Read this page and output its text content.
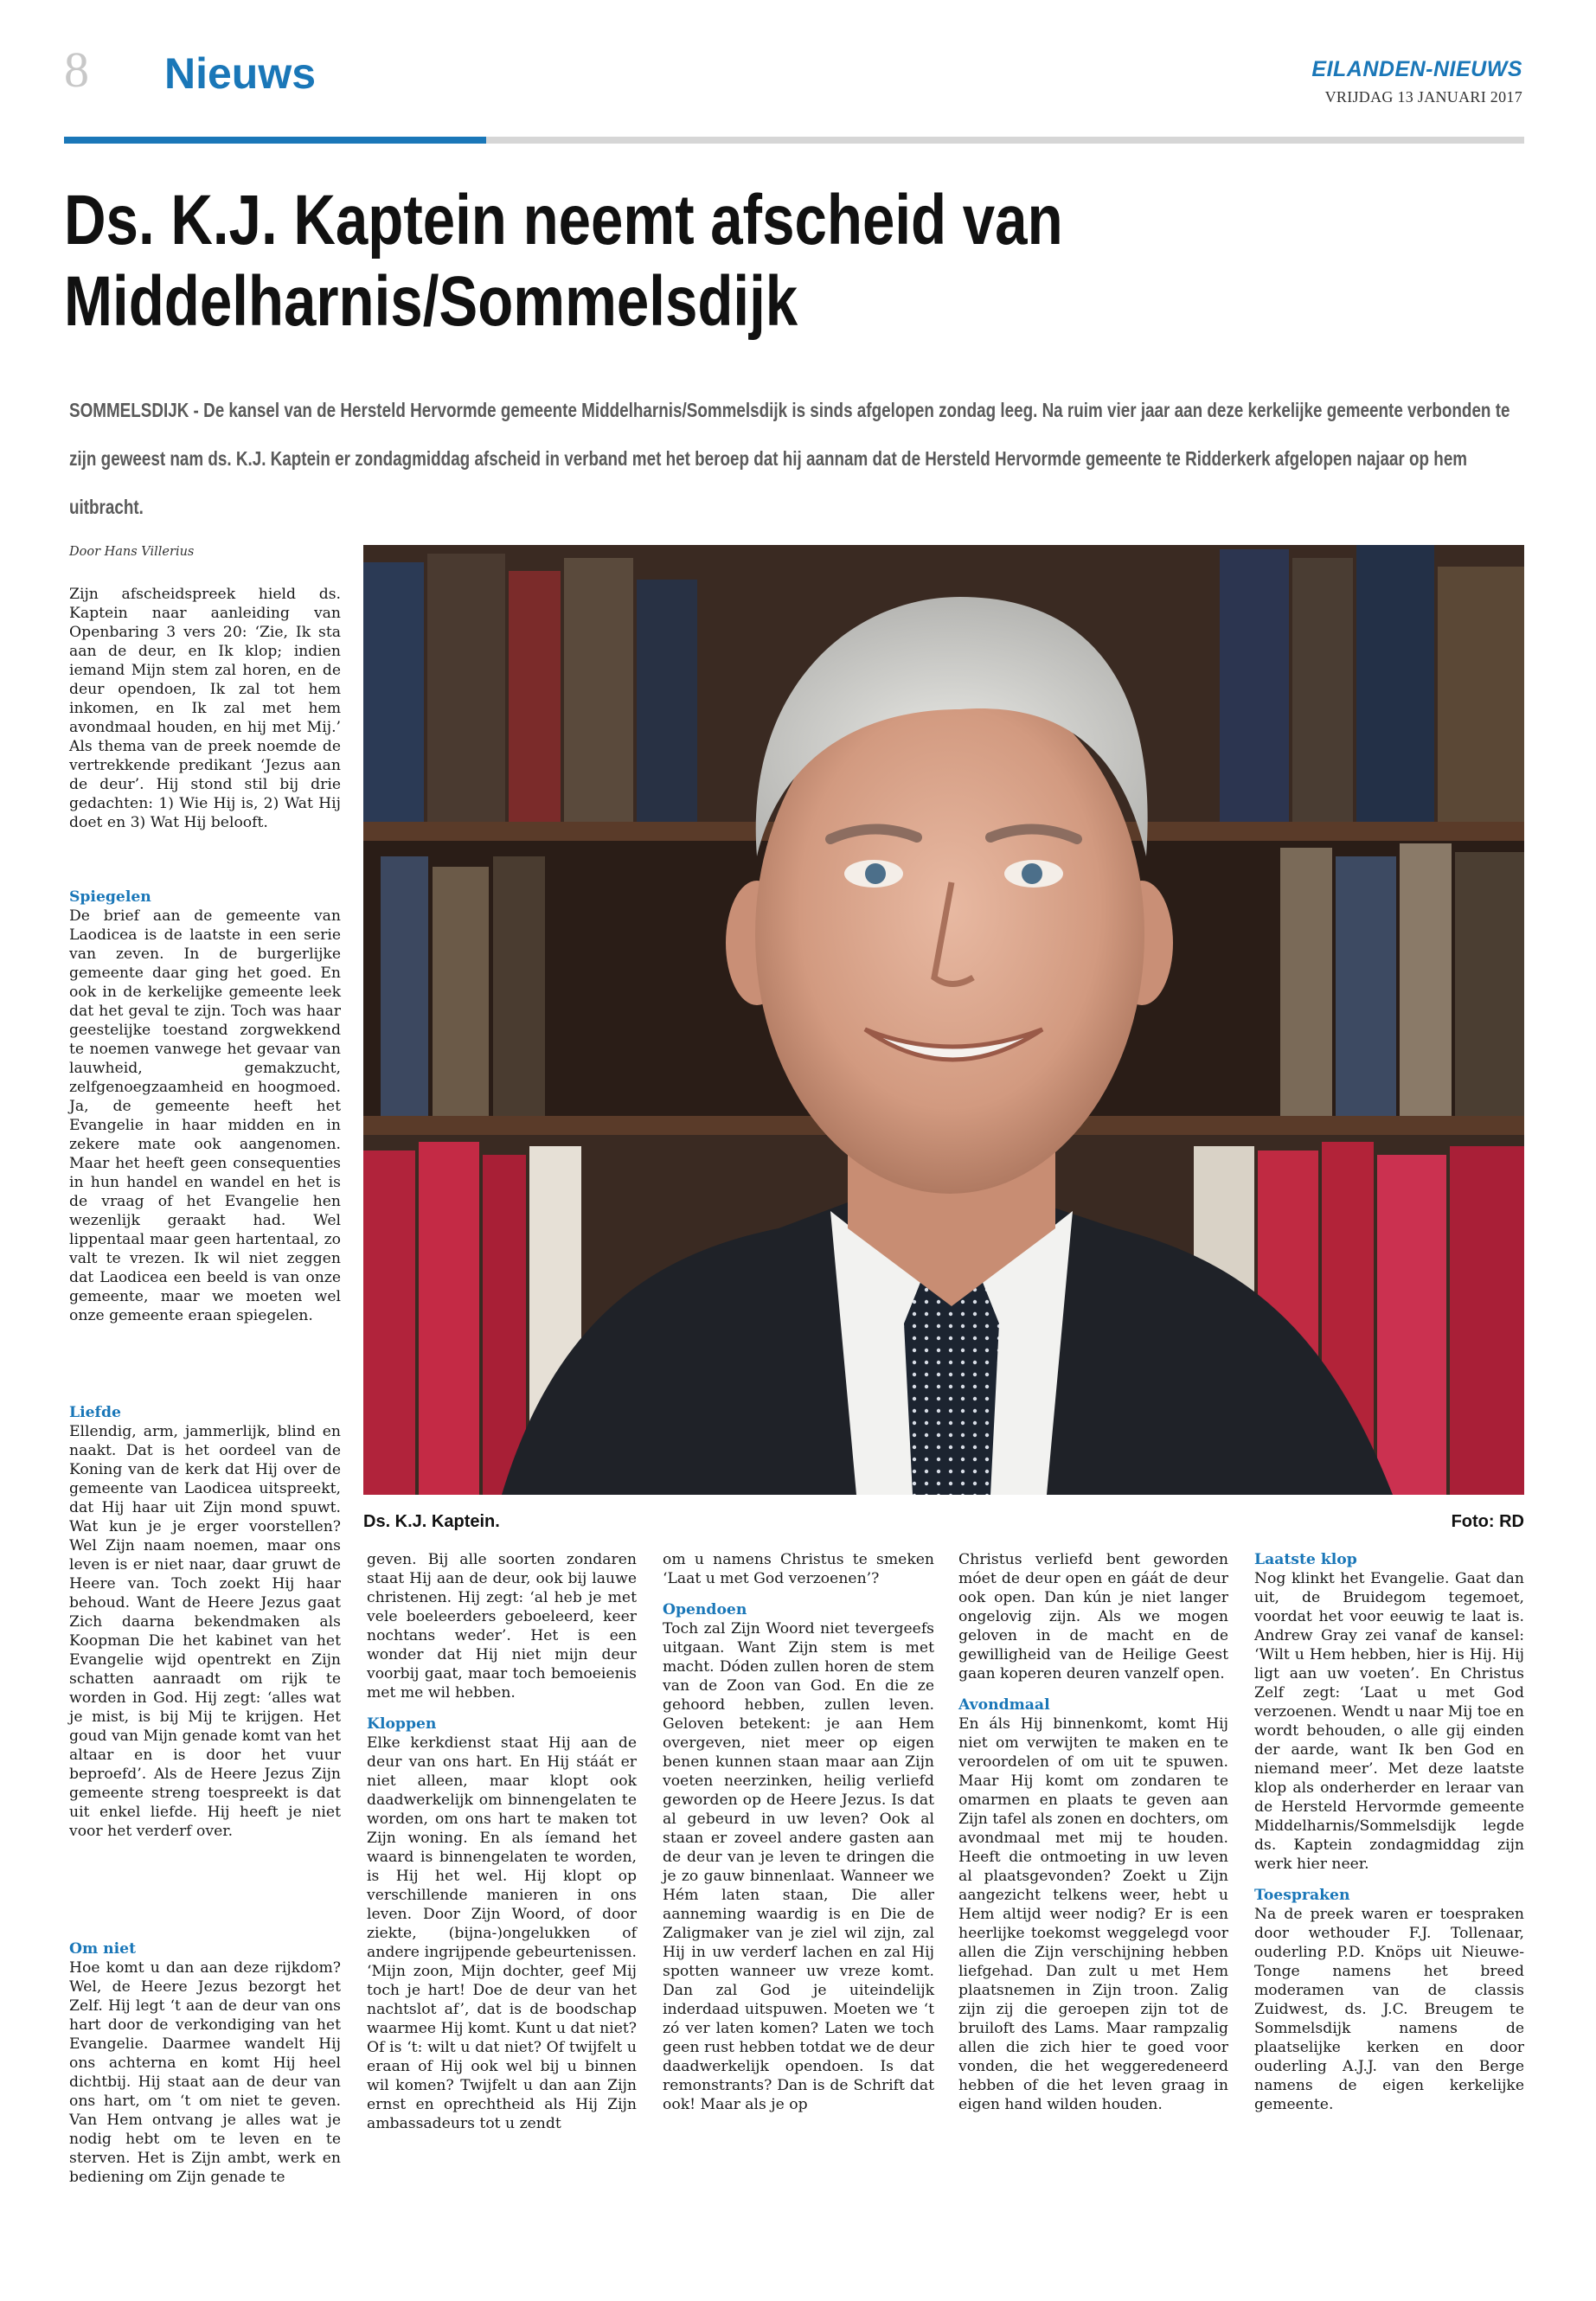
8 Nieuws	EILANDEN-NIEUWS
VRIJDAG 13 JANUARI 2017
Ds. K.J. Kaptein neemt afscheid van
Middelharnis/Sommelsdijk
SOMMELSDIJK - De kansel van de Hersteld Hervormde gemeente Middelharnis/Sommelsdijk is sinds afgelopen zondag leeg. Na ruim vier jaar aan deze kerkelijke gemeente verbonden te zijn geweest nam ds. K.J. Kaptein er zondagmiddag afscheid in verband met het beroep dat hij aannam dat de Hersteld Hervormde gemeente te Ridderkerk afgelopen najaar op hem uitbracht.
Door Hans Villerius

Zijn afscheidspreek hield ds. Kaptein naar aanleiding van Openbaring 3 vers 20: ‘Zie, Ik sta aan de deur, en Ik klop; indien iemand Mijn stem zal horen, en de deur opendoen, Ik zal tot hem inkomen, en Ik zal met hem avondmaal houden, en hij met Mij.’ Als thema van de preek noemde de vertrekkende predikant ‘Jezus aan de deur’. Hij stond stil bij drie gedachten: 1) Wie Hij is, 2) Wat Hij doet en 3) Wat Hij belooft.

Spiegelen

De brief aan de gemeente van Laodicea is de laatste in een serie van zeven. In de burgerlijke gemeente daar ging het goed. En ook in de kerkelijke gemeente leek dat het geval te zijn. Toch was haar geestelijke toestand zorgwekkend te noemen vanwege het gevaar van lauwheid, gemakzucht, zelfgenoegzaamheid en hoogmoed. Ja, de gemeente heeft het Evangelie in haar midden en in zekere mate ook aangenomen. Maar het heeft geen consequenties in hun handel en wandel en het is de vraag of het Evangelie hen wezenlijk geraakt had. Wel lippentaal maar geen hartentaal, zo valt te vrezen. Ik wil niet zeggen dat Laodicea een beeld is van onze gemeente, maar we moeten wel onze gemeente eraan spiegelen.

Liefde

Ellendig, arm, jammerlijk, blind en naakt. Dat is het oordeel van de Koning van de kerk dat Hij over de gemeente van Laodicea uitspreekt, dat Hij haar uit Zijn mond spuwt. Wat kun je je erger voorstellen? Wel Zijn naam noemen, maar ons leven is er niet naar, daar gruwt de Heere van. Toch zoekt Hij haar behoud. Want de Heere Jezus gaat Zich daarna bekendmaken als Koopman Die het kabinet van het Evangelie wijd opentrekt en Zijn schatten aanraadt om rijk te worden in God. Hij zegt: ‘alles wat je mist, is bij Mij te krijgen. Het goud van Mijn genade komt van het altaar en is door het vuur beproefd’. Als de Heere Jezus Zijn gemeente streng toespreekt is dat uit enkel liefde. Hij heeft je niet voor het verderf over.

Om niet

Hoe komt u dan aan deze rijkdom? Wel, de Heere Jezus bezorgt het Zelf. Hij legt ‘t aan de deur van ons hart door de verkondiging van het Evangelie. Daarmee wandelt Hij ons achterna en komt Hij heel dichtbij. Hij staat aan de deur van ons hart, om ‘t om niet te geven. Van Hem ontvang je alles wat je nodig hebt om te leven en te sterven. Het is Zijn ambt, werk en bediening om Zijn genade te

Ds. K.J. Kaptein.	Foto: RD

geven. Bij alle soorten zondaren staat Hij aan de deur, ook bij lauwe christenen. Hij zegt: ‘al heb je met vele boeleerders geboeleerd, keer nochtans weder’. Het is een wonder dat Hij niet mijn deur voorbij gaat, maar toch bemoeienis met me wil hebben.

Kloppen

Elke kerkdienst staat Hij aan de deur van ons hart. En Hij stáát er niet alleen, maar klopt ook daadwerkelijk om binnengelaten te worden, om ons hart te maken tot Zijn woning. En als íemand het waard is binnengelaten te worden, is Hij het wel. Hij klopt op verschillende manieren in ons leven. Door Zijn Woord, of door ziekte, (bijna-)ongelukken of andere ingrijpende gebeurtenissen. ‘Mijn zoon, Mijn dochter, geef Mij toch je hart! Doe de deur van het nachtslot af’, dat is de boodschap waarmee Hij komt. Kunt u dat niet? Of is ‘t: wilt u dat niet? Of twijfelt u eraan of Hij ook wel bij u binnen wil komen? Twijfelt u dan aan Zijn ernst en oprechtheid als Hij Zijn ambassadeurs tot u zendt

om u namens Christus te smeken ‘Laat u met God verzoenen’?

Opendoen

Toch zal Zijn Woord niet tevergeefs uitgaan. Want Zijn stem is met macht. Dóden zullen horen de stem van de Zoon van God. En die ze gehoord hebben, zullen leven. Geloven betekent: je aan Hem overgeven, niet meer op eigen benen kunnen staan maar aan Zijn voeten neerzinken, heilig verliefd geworden op de Heere Jezus. Is dat al gebeurd in uw leven? Ook al staan er zoveel andere gasten aan de deur van je leven te dringen die je zo gauw binnenlaat. Wanneer we Hém laten staan, Die aller aanneming waardig is en Die de Zaligmaker van je ziel wil zijn, zal Hij in uw verderf lachen en zal Hij spotten wanneer uw vreze komt. Dan zal God je uiteindelijk inderdaad uitspuwen. Moeten we ‘t zó ver laten komen? Laten we toch geen rust hebben totdat we de deur daadwerkelijk opendoen. Is dat remonstrants? Dan is de Schrift dat ook! Maar als je op

Christus verliefd bent geworden móet de deur open en gáát de deur ook open. Dan kún je niet langer ongelovig zijn. Als we mogen geloven in de macht en de gewilligheid van de Heilige Geest gaan koperen deuren vanzelf open.

Avondmaal

En áls Hij binnenkomt, komt Hij niet om verwijten te maken en te veroordelen of om uit te spuwen. Maar Hij komt om zondaren te omarmen en plaats te geven aan Zijn tafel als zonen en dochters, om avondmaal met mij te houden. Heeft die ontmoeting in uw leven al plaatsgevonden? Zoekt u Zijn aangezicht telkens weer, hebt u Hem altijd weer nodig? Er is een heerlijke toekomst weggelegd voor allen die Zijn verschijning hebben liefgehad. Dan zult u met Hem plaatsnemen in Zijn troon. Zalig zijn zij die geroepen zijn tot de bruiloft des Lams. Maar rampzalig allen die zich hier te goed voor vonden, die het weggeredeneerd hebben of die het leven graag in eigen hand wilden houden.

Laatste klop

Nog klinkt het Evangelie. Gaat dan uit, de Bruidegom tegemoet, voordat het voor eeuwig te laat is. Andrew Gray zei vanaf de kansel: ‘Wilt u Hem hebben, hier is Hij. Hij ligt aan uw voeten’. En Christus Zelf zegt: ‘Laat u met God verzoenen. Wendt u naar Mij toe en wordt behouden, o alle gij einden der aarde, want Ik ben God en niemand meer’. Met deze laatste klop als onderherder en leraar van de Hersteld Hervormde gemeente Middelharnis/Sommelsdijk legde ds. Kaptein zondagmiddag zijn werk hier neer.

Toespraken

Na de preek waren er toespraken door wethouder F.J. Tollenaar, ouderling P.D. Knöps uit Nieuwe-Tonge namens het breed moderamen van de classis Zuidwest, ds. J.C. Breugem te Sommelsdijk namens de plaatselijke kerken en door ouderling A.J.J. van den Berge namens de eigen kerkelijke gemeente.
